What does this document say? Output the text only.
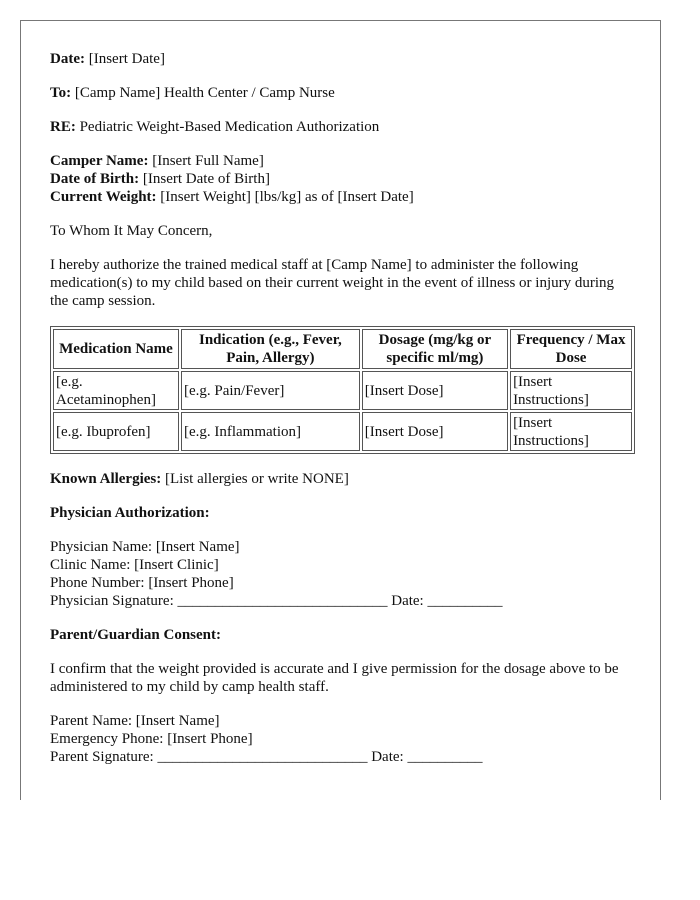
Date: [Insert Date]

To: [Camp Name] Health Center / Camp Nurse

RE: Pediatric Weight-Based Medication Authorization

Camper Name: [Insert Full Name]
Date of Birth: [Insert Date of Birth]
Current Weight: [Insert Weight] [lbs/kg] as of [Insert Date]

To Whom It May Concern,

I hereby authorize the trained medical staff at [Camp Name] to administer the following medication(s) to my child based on their current weight in the event of illness or injury during the camp session.

Medication Name	Indication (e.g., Fever, Pain, Allergy)	Dosage (mg/kg or specific ml/mg)	Frequency / Max Dose
[e.g. Acetaminophen]	[e.g. Pain/Fever]	[Insert Dose]	[Insert Instructions]
[e.g. Ibuprofen]	[e.g. Inflammation]	[Insert Dose]	[Insert Instructions]

Known Allergies: [List allergies or write NONE]

Physician Authorization:

Physician Name: [Insert Name]
Clinic Name: [Insert Clinic]
Phone Number: [Insert Phone]
Physician Signature: ____________________________ Date: __________

Parent/Guardian Consent:

I confirm that the weight provided is accurate and I give permission for the dosage above to be administered to my child by camp health staff.

Parent Name: [Insert Name]
Emergency Phone: [Insert Phone]
Parent Signature: ____________________________ Date: __________
